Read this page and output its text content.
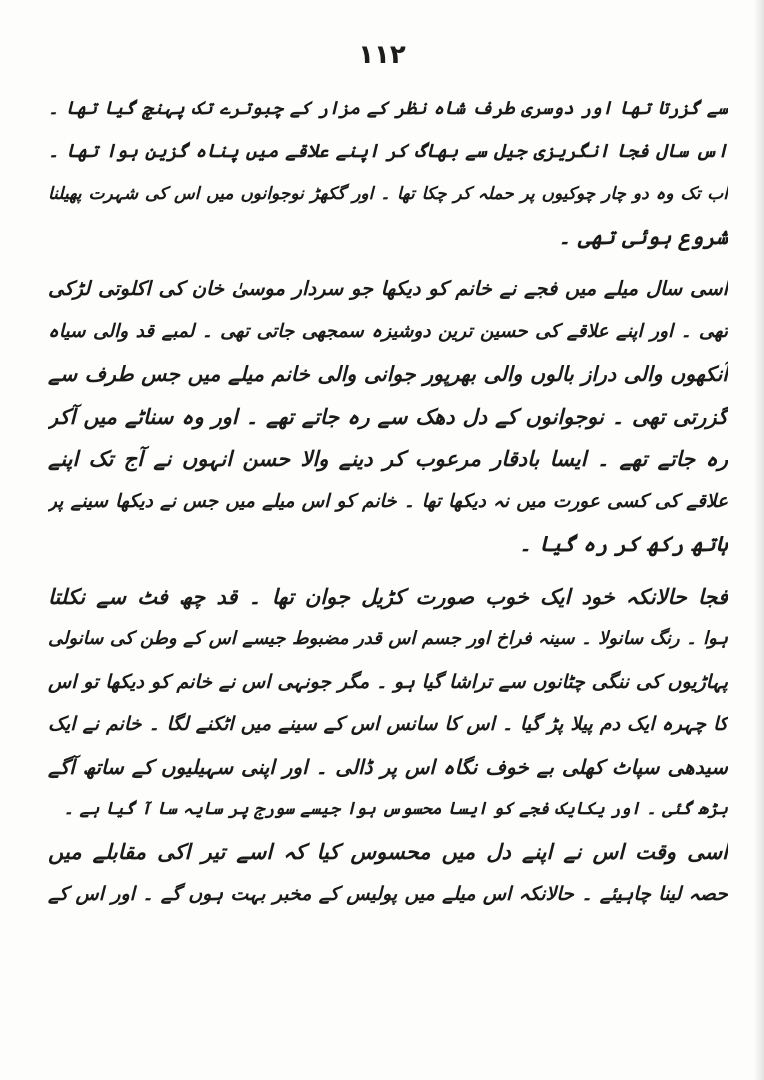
١١٢
سے گزرتا تھا اور دوسری طرف شاہ نظر کے مزار کے چبوترے تک پہنچ گیا تھا ۔
اس سال فجا انگریزی جیل سے بھاگ کر اپنے علاقے میں پناہ گزین ہوا تھا ۔
اب تک وہ دو چار چوکیوں پر حملہ کر چکا تھا ۔ اور گکھڑ نوجوانوں میں اس کی شہرت پھیلنا
شروع ہوئی تھی ۔
اسی سال میلے میں فجے نے خانم کو دیکھا جو سردار موسیٰ خان کی اکلوتی لڑکی
تھی ۔ اور اپنے علاقے کی حسین ترین دوشیزہ سمجھی جاتی تھی ۔ لمبے قد والی سیاہ
آنکھوں والی دراز بالوں والی بھرپور جوانی والی خانم میلے میں جس طرف سے
گزرتی تھی ۔ نوجوانوں کے دل دھک سے رہ جاتے تھے ۔ اور وہ سناٹے میں آکر
رہ جاتے تھے ۔ ایسا بادقار مرعوب کر دینے والا حسن انہوں نے آج تک اپنے
علاقے کی کسی عورت میں نہ دیکھا تھا ۔ خانم کو اس میلے میں جس نے دیکھا سینے پر
ہاتھ رکھ کر رہ گیا ۔
فجا حالانکہ خود ایک خوب صورت کڑیل جوان تھا ۔ قد چھ فٹ سے نکلتا
ہوا ۔ رنگ سانولا ۔ سینہ فراخ اور جسم اس قدر مضبوط جیسے اس کے وطن کی سانولی
پہاڑیوں کی ننگی چٹانوں سے تراشا گیا ہو ۔ مگر جونہی اس نے خانم کو دیکھا تو اس
کا چہرہ ایک دم پیلا پڑ گیا ۔ اس کا سانس اس کے سینے میں اٹکنے لگا ۔ خانم نے ایک
سیدھی سپاٹ کھلی بے خوف نگاہ اس پر ڈالی ۔ اور اپنی سہیلیوں کے ساتھ آگے
بڑھ گئی ۔ اور یکایک فجے کو ایسا محسوس ہوا جیسے سورج پر سایہ سا آ گیا ہے ۔
اسی وقت اس نے اپنے دل میں محسوس کیا کہ اسے تیر اکی مقابلے میں
حصہ لینا چاہیئے ۔ حالانکہ اس میلے میں پولیس کے مخبر بہت ہوں گے ۔ اور اس کے
